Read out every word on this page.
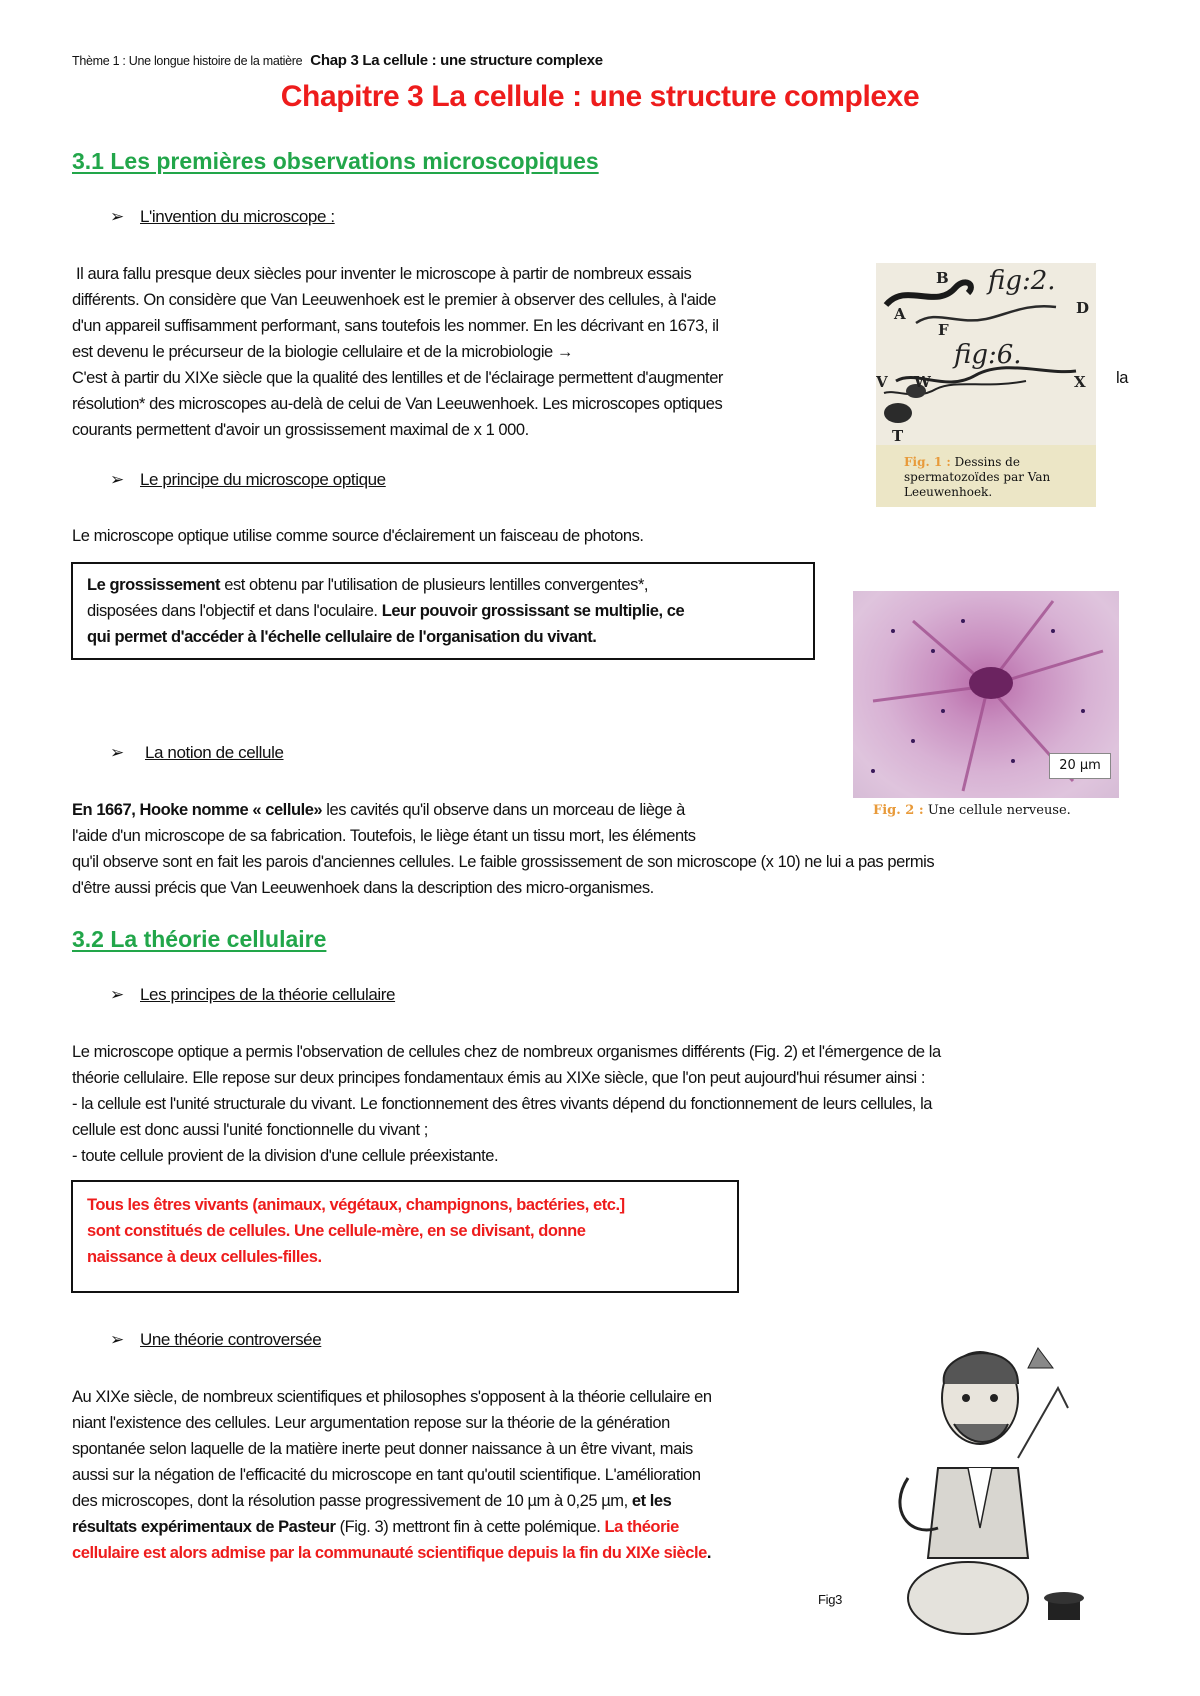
Thème 1 : Une longue histoire de la matière Chap 3 La cellule : une structure complexe
Chapitre 3 La cellule : une structure complexe
3.1 Les premières observations microscopiques
➢ L'invention du microscope :
Il aura fallu presque deux siècles pour inventer le microscope à partir de nombreux essais
différents. On considère que Van Leeuwenhoek est le premier à observer des cellules, à l'aide
d'un appareil suffisamment performant, sans toutefois les nommer. En les décrivant en 1673, il
est devenu le précurseur de la biologie cellulaire et de la microbiologie →
C'est à partir du XIXe siècle que la qualité des lentilles et de l'éclairage permettent d'augmenter
résolution* des microscopes au-delà de celui de Van Leeuwenhoek. Les microscopes optiques
courants permettent d'avoir un grossissement maximal de x 1 000.
la
fig:2.
fig:6.
A
B
F
D
V W	X
T
Fig. 1 : Dessins de spermatozoïdes par Van Leeuwenhoek.
➢ Le principe du microscope optique
Le microscope optique utilise comme source d'éclairement un faisceau de photons.
Le grossissement est obtenu par l'utilisation de plusieurs lentilles convergentes*,
disposées dans l'objectif et dans l'oculaire. Leur pouvoir grossissant se multiplie, ce
qui permet d'accéder à l'échelle cellulaire de l'organisation du vivant.
20 µm
Fig. 2 : Une cellule nerveuse.
➢ La notion de cellule
En 1667, Hooke nomme « cellule» les cavités qu'il observe dans un morceau de liège à
l'aide d'un microscope de sa fabrication. Toutefois, le liège étant un tissu mort, les éléments
qu'il observe sont en fait les parois d'anciennes cellules. Le faible grossissement de son microscope (x 10) ne lui a pas permis
d'être aussi précis que Van Leeuwenhoek dans la description des micro-organismes.
3.2 La théorie cellulaire
➢ Les principes de la théorie cellulaire
Le microscope optique a permis l'observation de cellules chez de nombreux organismes différents (Fig. 2) et l'émergence de la
théorie cellulaire. Elle repose sur deux principes fondamentaux émis au XIXe siècle, que l'on peut aujourd'hui résumer ainsi :
- la cellule est l'unité structurale du vivant. Le fonctionnement des êtres vivants dépend du fonctionnement de leurs cellules, la
cellule est donc aussi l'unité fonctionnelle du vivant ;
- toute cellule provient de la division d'une cellule préexistante.
Tous les êtres vivants (animaux, végétaux, champignons, bactéries, etc.]
sont constitués de cellules. Une cellule-mère, en se divisant, donne
naissance à deux cellules-filles.
➢ Une théorie controversée
Au XIXe siècle, de nombreux scientifiques et philosophes s'opposent à la théorie cellulaire en
niant l'existence des cellules. Leur argumentation repose sur la théorie de la génération
spontanée selon laquelle de la matière inerte peut donner naissance à un être vivant, mais
aussi sur la négation de l'efficacité du microscope en tant qu'outil scientifique. L'amélioration
des microscopes, dont la résolution passe progressivement de 10 µm à 0,25 µm, et les
résultats expérimentaux de Pasteur (Fig. 3) mettront fin à cette polémique. La théorie
cellulaire est alors admise par la communauté scientifique depuis la fin du XIXe siècle.
Fig3
